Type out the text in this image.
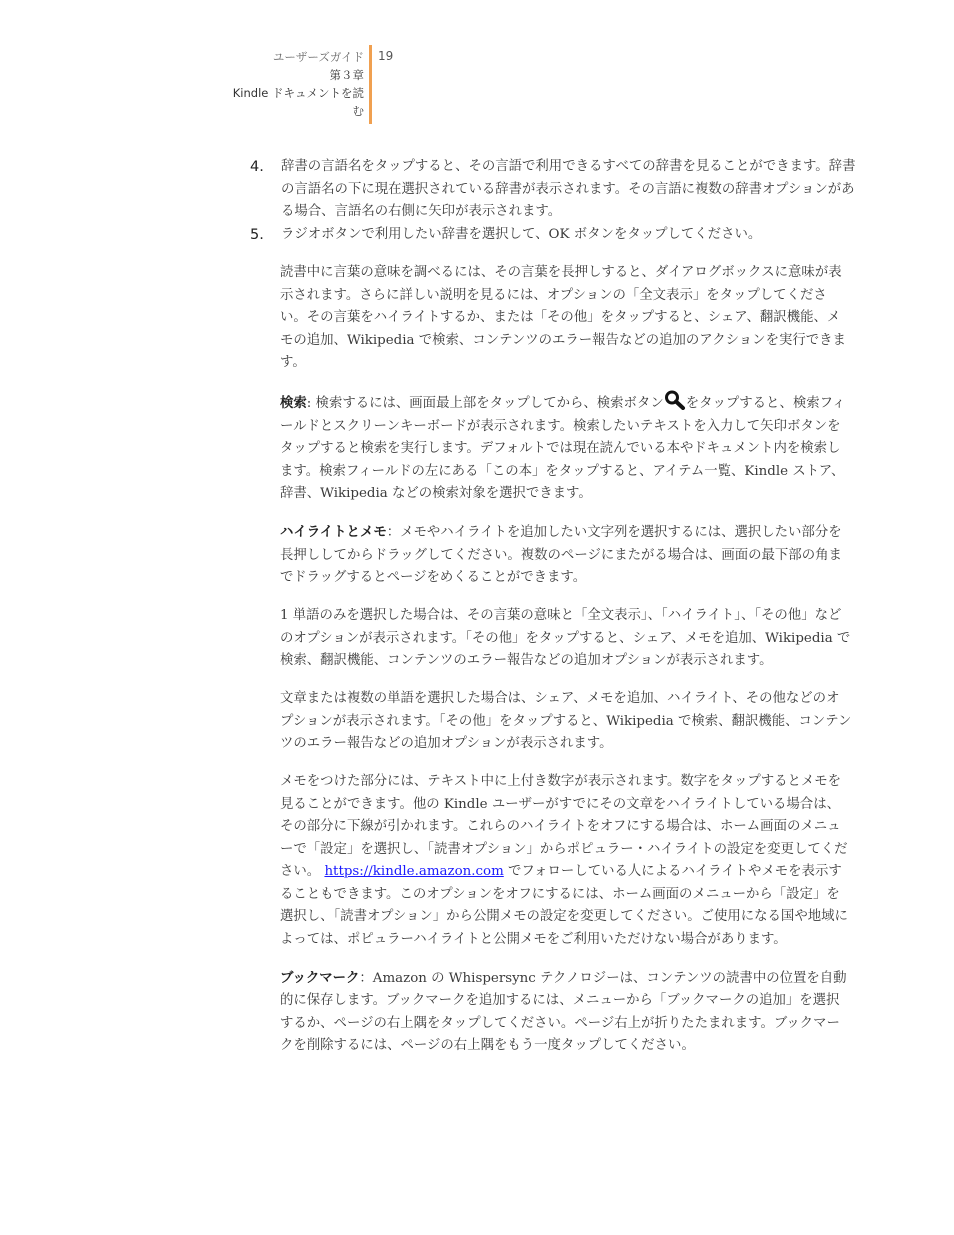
ユーザーズガイド
第３章
Kindle ドキュメントを読む
19
4. 辞書の言語名をタップすると、その言語で利用できるすべての辞書を見ることができます。辞書の言語名の下に現在選択されている辞書が表示されます。その言語に複数の辞書オプションがある場合、言語名の右側に矢印が表示されます。
5. ラジオボタンで利用したい辞書を選択して、OK ボタンをタップしてください。

読書中に言葉の意味を調べるには、その言葉を長押しすると、ダイアログボックスに意味が表示されます。さらに詳しい説明を見るには、オプションの「全文表示」をタップしてください。その言葉をハイライトするか、または「その他」をタップすると、シェア、翻訳機能、メモの追加、Wikipedia で検索、コンテンツのエラー報告などの追加のアクションを実行できます。

検索: 検索するには、画面最上部をタップしてから、検索ボタン をタップすると、検索フィールドとスクリーンキーボードが表示されます。検索したいテキストを入力して矢印ボタンをタップすると検索を実行します。デフォルトでは現在読んでいる本やドキュメント内を検索します。検索フィールドの左にある「この本」をタップすると、アイテム一覧、Kindle ストア、辞書、Wikipedia などの検索対象を選択できます。

ハイライトとメモ：メモやハイライトを追加したい文字列を選択するには、選択したい部分を長押ししてからドラッグしてください。複数のページにまたがる場合は、画面の最下部の角までドラッグするとページをめくることができます。

1 単語のみを選択した場合は、その言葉の意味と「全文表示」、「ハイライト」、「その他」などのオプションが表示されます。「その他」をタップすると、シェア、メモを追加、Wikipedia で検索、翻訳機能、コンテンツのエラー報告などの追加オプションが表示されます。

文章または複数の単語を選択した場合は、シェア、メモを追加、ハイライト、その他などのオプションが表示されます。「その他」をタップすると、Wikipedia で検索、翻訳機能、コンテンツのエラー報告などの追加オプションが表示されます。

メモをつけた部分には、テキスト中に上付き数字が表示されます。数字をタップするとメモを見ることができます。他の Kindle ユーザーがすでにその文章をハイライトしている場合は、その部分に下線が引かれます。これらのハイライトをオフにする場合は、ホーム画面のメニューで「設定」を選択し、「読書オプション」からポピュラー・ハイライトの設定を変更してください。 https://kindle.amazon.com でフォローしている人によるハイライトやメモを表示することもできます。このオプションをオフにするには、ホーム画面のメニューから「設定」を選択し、「読書オプション」から公開メモの設定を変更してください。ご使用になる国や地域によっては、ポピュラーハイライトと公開メモをご利用いただけない場合があります。

ブックマーク：Amazon の Whispersync テクノロジーは、コンテンツの読書中の位置を自動的に保存します。ブックマークを追加するには、メニューから「ブックマークの追加」を選択するか、ページの右上隅をタップしてください。ページ右上が折りたたまれます。ブックマークを削除するには、ページの右上隅をもう一度タップしてください。
